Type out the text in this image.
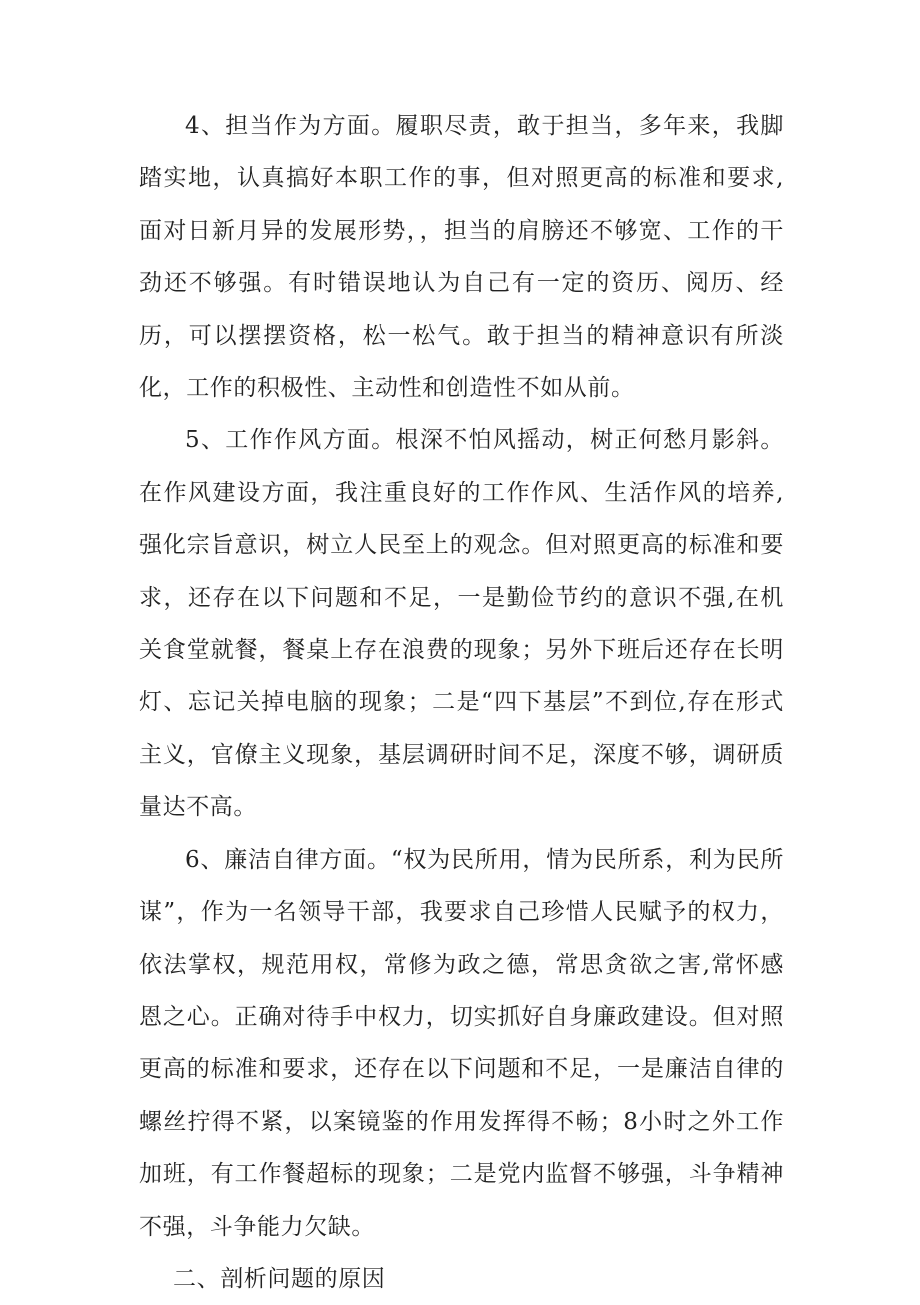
4、担当作为方面。履职尽责，敢于担当，多年来，我脚踏实地，认真搞好本职工作的事，但对照更高的标准和要求,面对日新月异的发展形势，，担当的肩膀还不够宽、工作的干劲还不够强。有时错误地认为自己有一定的资历、阅历、经历，可以摆摆资格，松一松气。敢于担当的精神意识有所淡化，工作的积极性、主动性和创造性不如从前。

5、工作作风方面。根深不怕风摇动，树正何愁月影斜。在作风建设方面，我注重良好的工作作风、生活作风的培养,强化宗旨意识，树立人民至上的观念。但对照更高的标准和要求，还存在以下问题和不足，一是勤俭节约的意识不强,在机关食堂就餐，餐桌上存在浪费的现象；另外下班后还存在长明灯、忘记关掉电脑的现象；二是“四下基层”不到位,存在形式主义，官僚主义现象，基层调研时间不足，深度不够，调研质量达不高。

6、廉洁自律方面。“权为民所用，情为民所系，利为民所谋”，作为一名领导干部，我要求自己珍惜人民赋予的权力，依法掌权，规范用权，常修为政之德，常思贪欲之害,常怀感恩之心。正确对待手中权力，切实抓好自身廉政建设。但对照更高的标准和要求，还存在以下问题和不足，一是廉洁自律的螺丝拧得不紧，以案镜鉴的作用发挥得不畅；8小时之外工作加班，有工作餐超标的现象；二是党内监督不够强，斗争精神不强，斗争能力欠缺。

二、剖析问题的原因
